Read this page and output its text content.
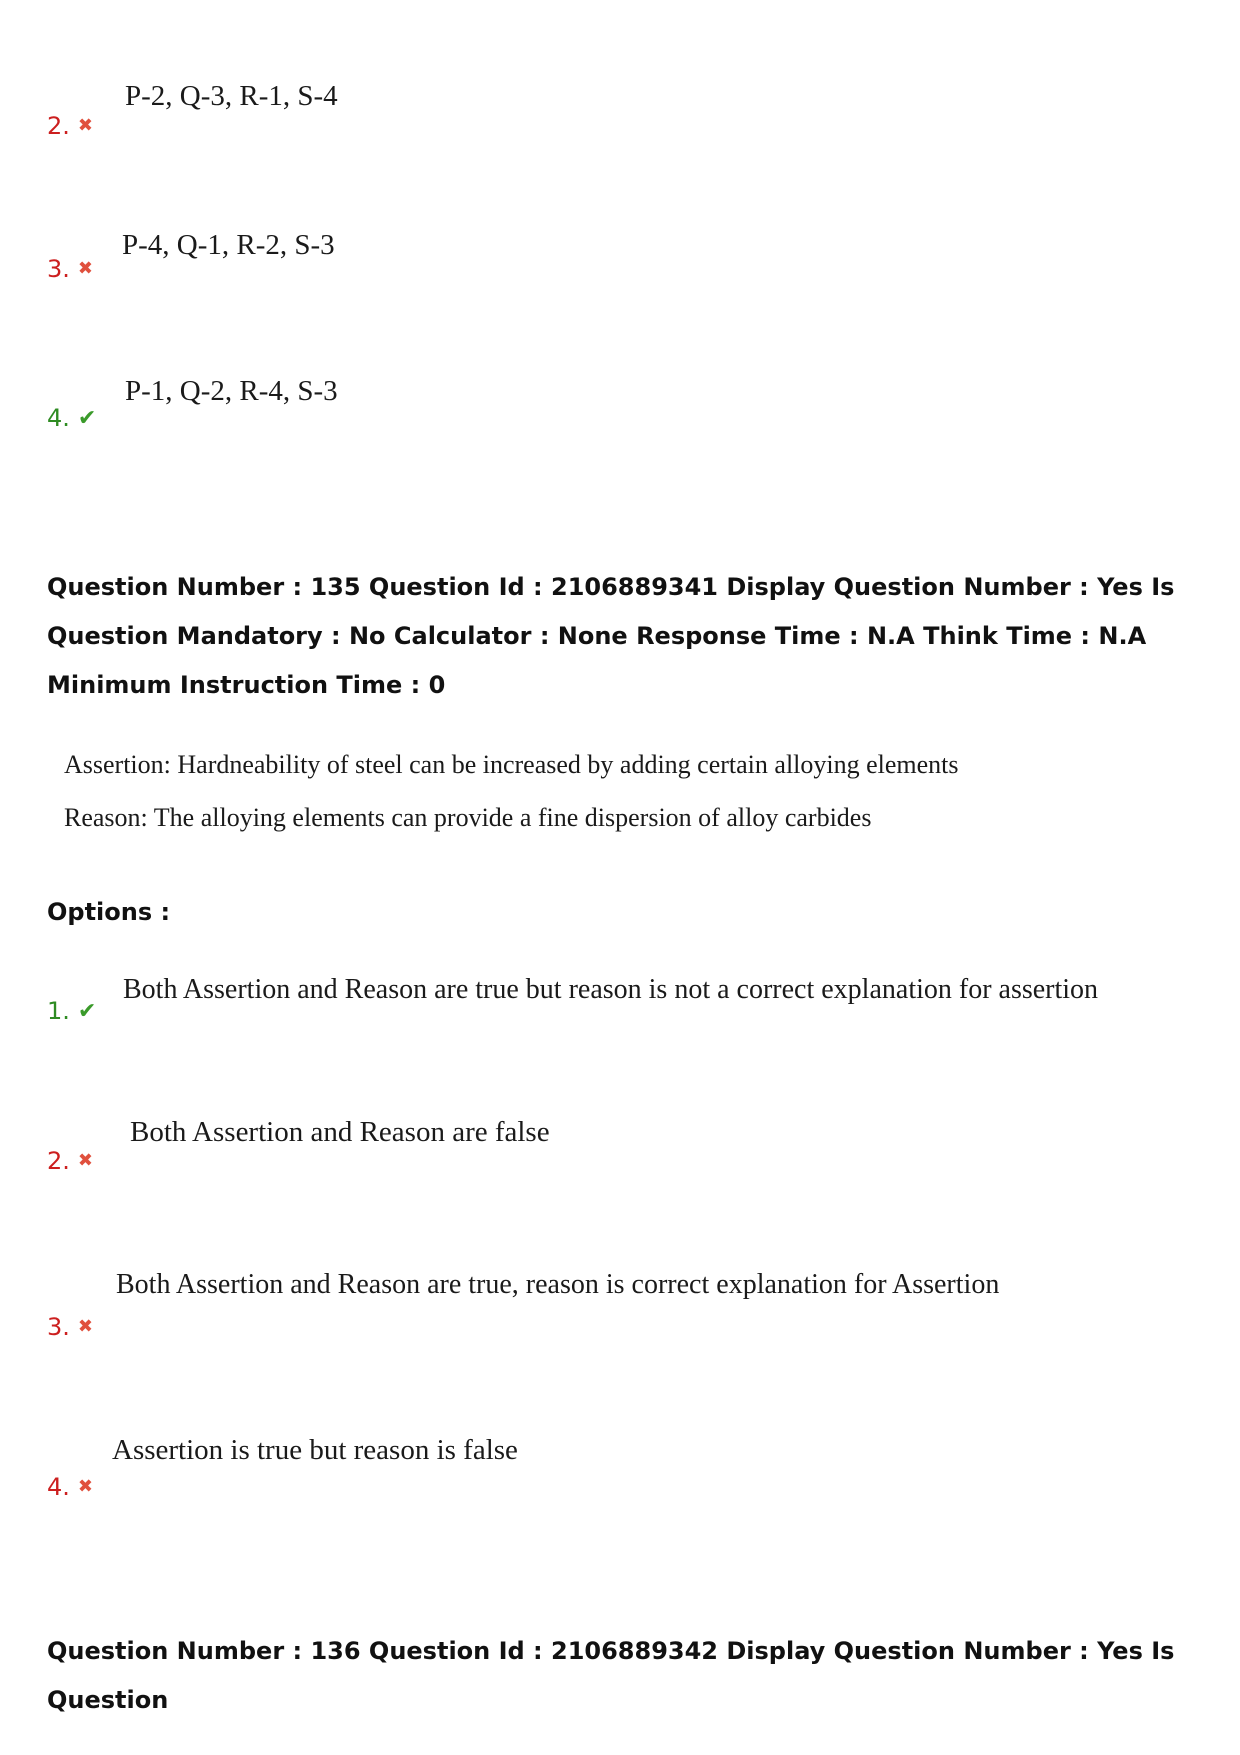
2. ✖
P-2, Q-3, R-1, S-4
3. ✖
P-4, Q-1, R-2, S-3
4. ✔
P-1, Q-2, R-4, S-3
Question Number : 135 Question Id : 2106889341 Display Question Number : Yes Is Question Mandatory : No Calculator : None Response Time : N.A Think Time : N.A Minimum Instruction Time : 0
Assertion: Hardneability of steel can be increased by adding certain alloying elements
Reason: The alloying elements can provide a fine dispersion of alloy carbides
Options :
1. ✔
Both Assertion and Reason are true but reason is not a correct explanation for assertion
2. ✖
Both Assertion and Reason are false
3. ✖
Both Assertion and Reason are true, reason is correct explanation for Assertion
4. ✖
Assertion is true but reason is false
Question Number : 136 Question Id : 2106889342 Display Question Number : Yes Is Question
